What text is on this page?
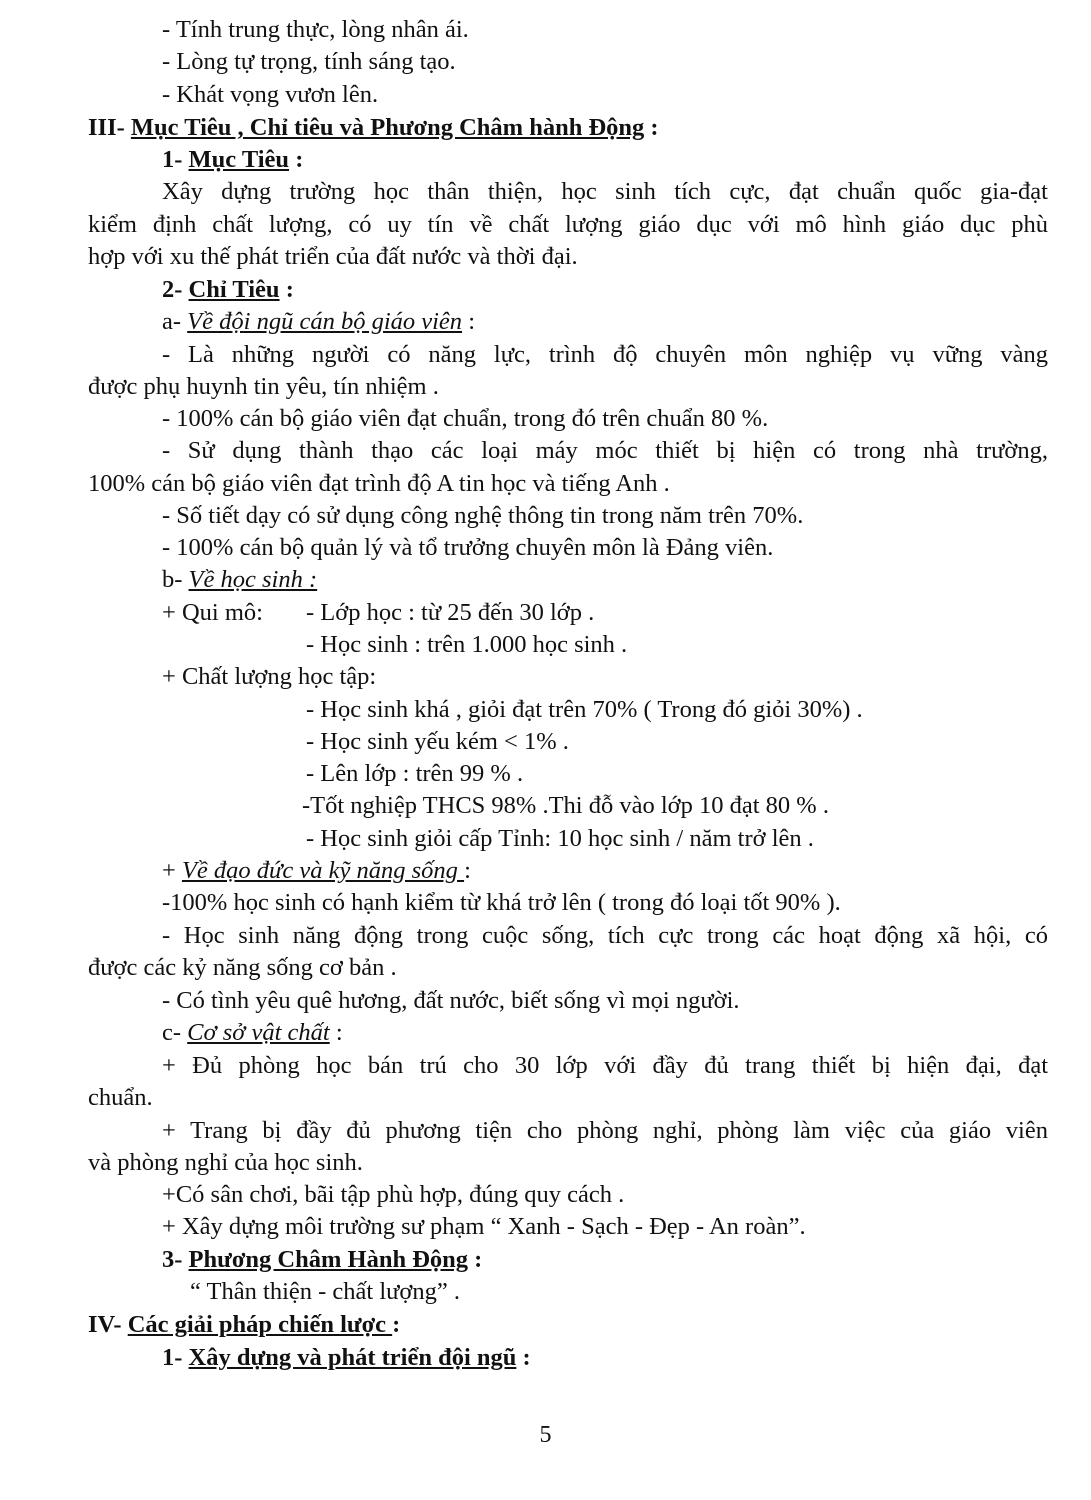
- Tính trung thực, lòng nhân ái.
- Lòng tự trọng, tính sáng tạo.
- Khát vọng vươn lên.
III- Mục Tiêu , Chỉ tiêu và Phương Châm hành Động :
1- Mục Tiêu :
Xây dựng trường học thân thiện, học sinh tích cực, đạt chuẩn quốc gia-đạt
kiểm định chất lượng, có uy tín về chất lượng giáo dục với mô hình giáo dục phù
hợp với xu thế phát triển của đất nước và thời đại.
2- Chỉ Tiêu :
a- Về đội ngũ cán bộ giáo viên :
- Là những người có năng lực, trình độ chuyên môn nghiệp vụ vững vàng
được phụ huynh tin yêu, tín nhiệm .
- 100% cán bộ giáo viên đạt chuẩn, trong đó trên chuẩn 80 %.
- Sử dụng thành thạo các loại máy móc thiết bị hiện có trong nhà trường,
100% cán bộ giáo viên đạt trình độ A tin học và tiếng Anh .
- Số tiết dạy có sử dụng công nghệ thông tin trong năm trên 70%.
- 100% cán bộ quản lý và tổ trưởng chuyên môn là Đảng viên.
b- Về học sinh :
+ Qui mô: - Lớp học : từ 25 đến 30 lớp .
- Học sinh : trên 1.000 học sinh .
+ Chất lượng học tập:
- Học sinh khá , giỏi đạt trên 70% ( Trong đó giỏi 30%) .
- Học sinh yếu kém < 1% .
- Lên lớp : trên 99 % .
-Tốt nghiệp THCS 98% .Thi đỗ vào lớp 10 đạt 80 % .
- Học sinh giỏi cấp Tỉnh: 10 học sinh / năm trở lên .
+ Về đạo đức và kỹ năng sống :
-100% học sinh có hạnh kiểm từ khá trở lên ( trong đó loại tốt 90% ).
- Học sinh năng động trong cuộc sống, tích cực trong các hoạt động xã hội, có
được các kỷ năng sống cơ bản .
- Có tình yêu quê hương, đất nước, biết sống vì mọi người.
c- Cơ sở vật chất :
+ Đủ phòng học bán trú cho 30 lớp với đầy đủ trang thiết bị hiện đại, đạt
chuẩn.
+ Trang bị đầy đủ phương tiện cho phòng nghỉ, phòng làm việc của giáo viên
và phòng nghỉ của học sinh.
+Có sân chơi, bãi tập phù hợp, đúng quy cách .
+ Xây dựng môi trường sư phạm “ Xanh - Sạch - Đẹp - An roàn”.
3- Phương Châm Hành Động :
“ Thân thiện - chất lượng” .
IV- Các giải pháp chiến lược :
1- Xây dựng và phát triển đội ngũ :
5
